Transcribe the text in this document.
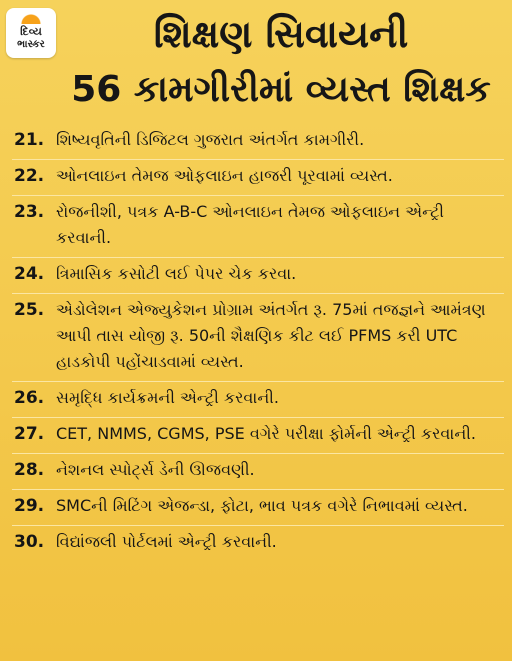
દિવ્ય
ભાસ્કર	શિક્ષણ સિવાયની
56 કામગીરીમાં વ્યસ્ત શિક્ષક
21. શિષ્યવૃતિની ડિજિટલ ગુજરાત અંતર્ગત કામગીરી.
22. ઓનલાઇન તેમજ ઓફલાઇન હાજરી પૂરવામાં વ્યસ્ત.
23. રોજનીશી, પત્રક A-B-C ઓનલાઇન તેમજ ઓફલાઇન એન્ટ્રી કરવાની.
24. ત્રિમાસિક કસોટી લઈ પેપર ચેક કરવા.
25. એડોલેશન એજ્યુકેશન પ્રોગ્રામ અંતર્ગત રૂ. 75માં તજજ્ઞને આમંત્રણ આપી તાસ યોજી રૂ. 50ની શૈક્ષણિક કીટ લઈ PFMS કરી UTC હાડકોપી પહોંચાડવામાં વ્યસ્ત.
26. સમૃદ્ધિ કાર્યક્રમની એન્ટ્રી કરવાની.
27. CET, NMMS, CGMS, PSE વગેરે પરીક્ષા ફોર્મની એન્ટ્રી કરવાની.
28. નેશનલ સ્પોર્ટ્સ ડેની ઊજવણી.
29. SMCની મિટિંગ એજન્ડા, ફોટા, ભાવ પત્રક વગેરે નિભાવમાં વ્યસ્ત.
30. વિદ્યાંજલી પોર્ટલમાં એન્ટ્રી કરવાની.
